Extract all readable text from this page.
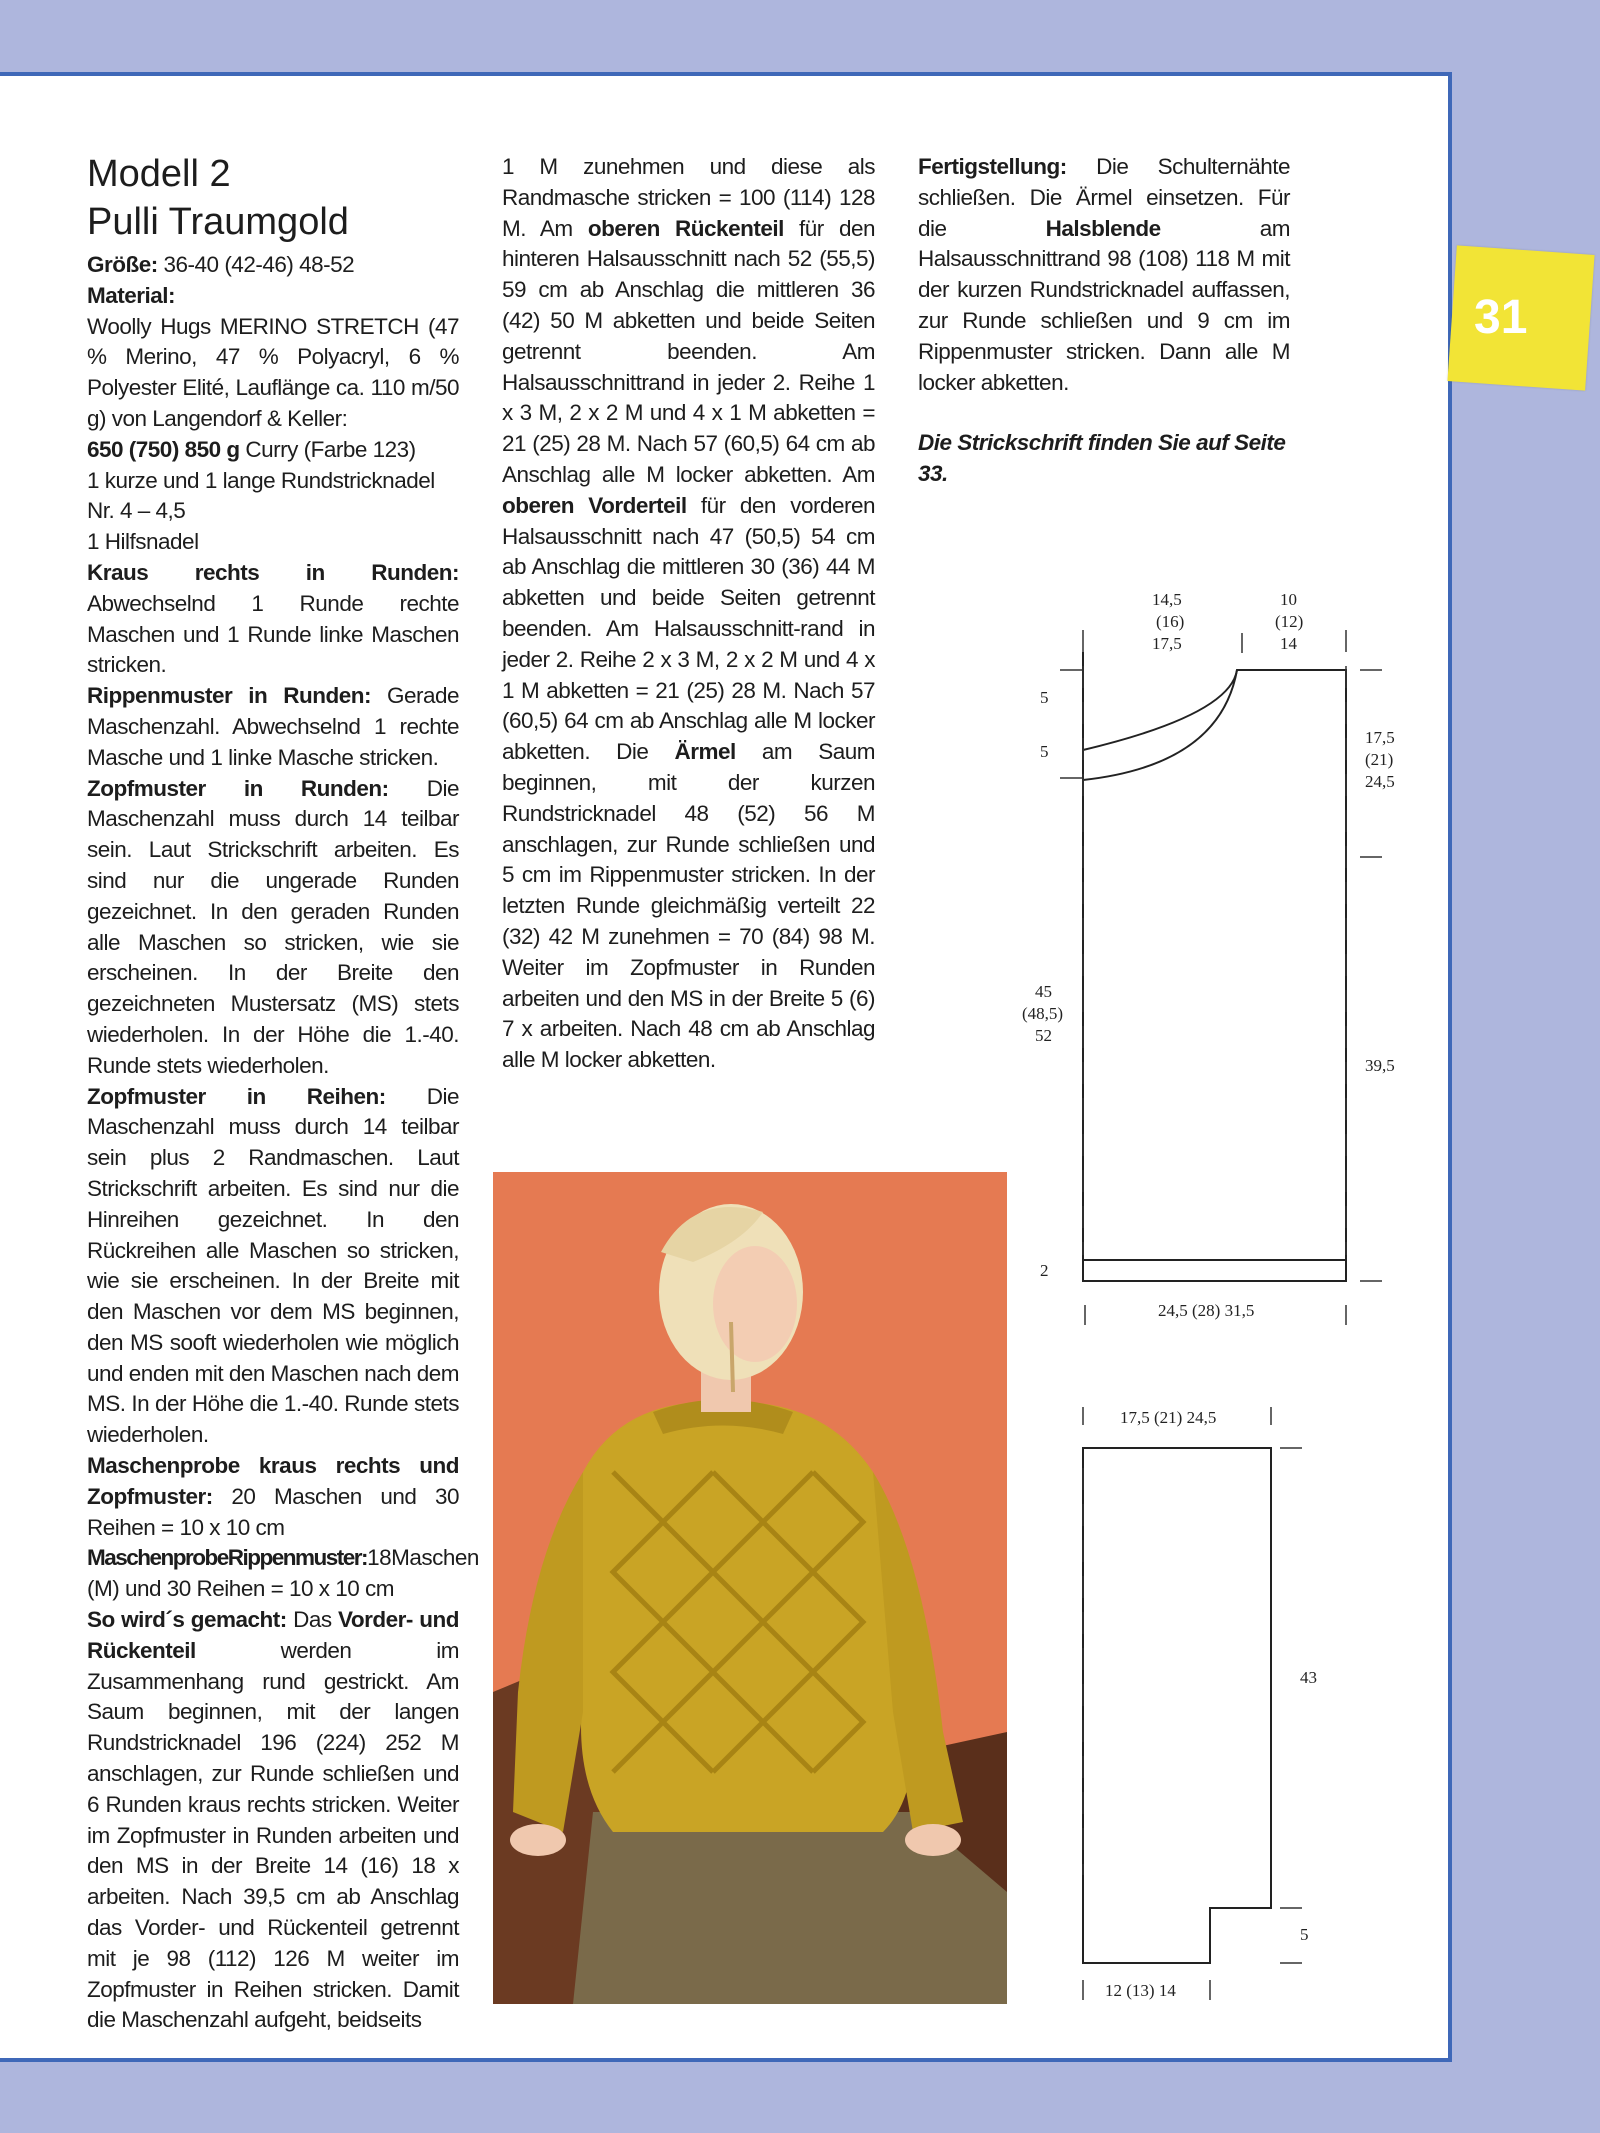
31

Modell 2

Pulli Traumgold

Größe: 36-40 (42-46) 48-52

Material:

Woolly Hugs MERINO STRETCH (47 % Merino, 47 % Polyacryl, 6 % Polyester Elité, Lauflänge ca. 110 m/50 g) von Langendorf & Keller:

650 (750) 850 g Curry (Farbe 123)

1 kurze und 1 lange Rundstricknadel Nr. 4 – 4,5

1 Hilfsnadel

Kraus rechts in Runden: Abwechselnd 1 Runde rechte Maschen und 1 Runde linke Maschen stricken.

Rippenmuster in Runden: Gerade Maschenzahl. Abwechselnd 1 rechte Masche und 1 linke Masche stricken.

Zopfmuster in Runden: Die Maschenzahl muss durch 14 teilbar sein. Laut Strickschrift arbeiten. Es sind nur die ungerade Runden gezeichnet. In den geraden Runden alle Maschen so stricken, wie sie erscheinen. In der Breite den gezeichneten Mustersatz (MS) stets wiederholen. In der Höhe die 1.-40. Runde stets wiederholen.

Zopfmuster in Reihen: Die Maschenzahl muss durch 14 teilbar sein plus 2 Randmaschen. Laut Strickschrift arbeiten. Es sind nur die Hinreihen gezeichnet. In den Rückreihen alle Maschen so stricken, wie sie erscheinen. In der Breite mit den Maschen vor dem MS beginnen, den MS sooft wiederholen wie möglich und enden mit den Maschen nach dem MS. In der Höhe die 1.-40. Runde stets wiederholen.

Maschenprobe kraus rechts und Zopfmuster: 20 Maschen und 30 Reihen = 10 x 10 cm

MaschenprobeRippenmuster:18Maschen (M) und 30 Reihen = 10 x 10 cm

So wird´s gemacht: Das Vorder- und Rückenteil werden im Zusammenhang rund gestrickt. Am Saum beginnen, mit der langen Rundstricknadel 196 (224) 252 M anschlagen, zur Runde schließen und 6 Runden kraus rechts stricken. Weiter im Zopfmuster in Runden arbeiten und den MS in der Breite 14 (16) 18 x arbeiten. Nach 39,5 cm ab Anschlag das Vorder- und Rückenteil getrennt mit je 98 (112) 126 M weiter im Zopfmuster in Reihen stricken. Damit die Maschenzahl aufgeht, beidseits

1 M zunehmen und diese als Randmasche stricken = 100 (114) 128 M. Am oberen Rückenteil für den hinteren Halsausschnitt nach 52 (55,5) 59 cm ab Anschlag die mittleren 36 (42) 50 M abketten und beide Seiten getrennt beenden. Am Halsausschnittrand in jeder 2. Reihe 1 x 3 M, 2 x 2 M und 4 x 1 M abketten = 21 (25) 28 M. Nach 57 (60,5) 64 cm ab Anschlag alle M locker abketten. Am oberen Vorderteil für den vorderen Halsausschnitt nach 47 (50,5) 54 cm ab Anschlag die mittleren 30 (36) 44 M abketten und beide Seiten getrennt beenden. Am Halsausschnitt-rand in jeder 2. Reihe 2 x 3 M, 2 x 2 M und 4 x 1 M abketten = 21 (25) 28 M. Nach 57 (60,5) 64 cm ab Anschlag alle M locker abketten. Die Ärmel am Saum beginnen, mit der kurzen Rundstricknadel 48 (52) 56 M anschlagen, zur Runde schließen und 5 cm im Rippenmuster stricken. In der letzten Runde gleichmäßig verteilt 22 (32) 42 M zunehmen = 70 (84) 98 M. Weiter im Zopfmuster in Runden arbeiten und den MS in der Breite 5 (6) 7 x arbeiten. Nach 48 cm ab Anschlag alle M locker abketten.

Fertigstellung: Die Schulternähte schließen. Die Ärmel einsetzen. Für die Halsblende am Halsausschnittrand 98 (108) 118 M mit der kurzen Rundstricknadel auffassen, zur Runde schließen und 9 cm im Rippenmuster stricken. Dann alle M locker abketten.

Die Strickschrift finden Sie auf Seite 33.

14,5
(16)
17,5
10
(12)
14
5
5
17,5
(21)
24,5
45
(48,5)
52
39,5
2
24,5 (28) 31,5
17,5 (21) 24,5
43
5
12 (13) 14
